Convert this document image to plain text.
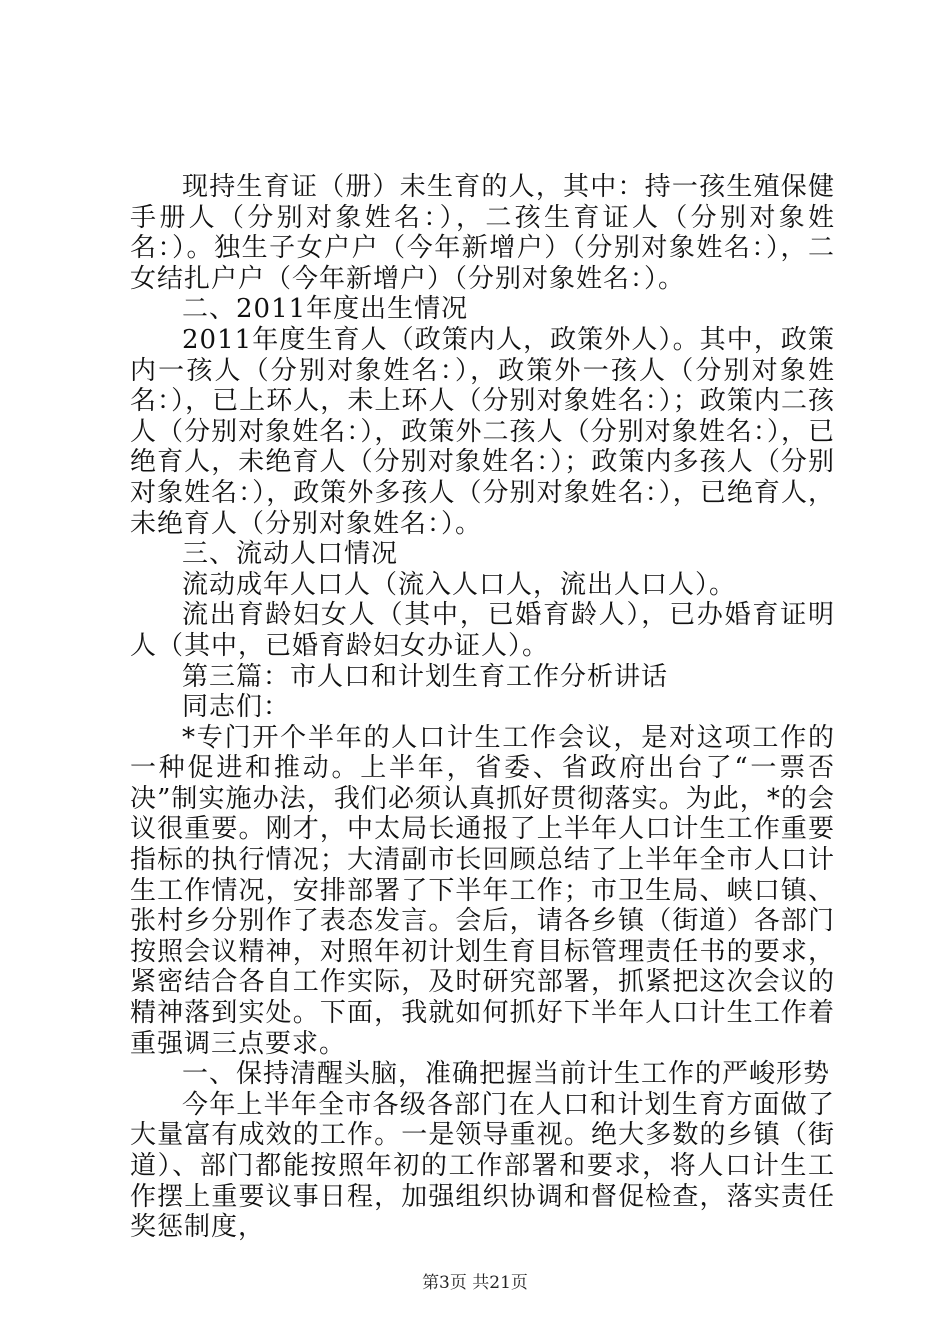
现持生育证（册）未生育的人，其中：持一孩生殖保健手册人（分别对象姓名：），二孩生育证人（分别对象姓名：）。独生子女户户（今年新增户）（分别对象姓名：），二女结扎户户（今年新增户）（分别对象姓名：）。

二、2011年度出生情况

2011年度生育人（政策内人，政策外人）。其中，政策内一孩人（分别对象姓名：），政策外一孩人（分别对象姓名：），已上环人，未上环人（分别对象姓名：）；政策内二孩人（分别对象姓名：），政策外二孩人（分别对象姓名：），已绝育人，未绝育人（分别对象姓名：）；政策内多孩人（分别对象姓名：），政策外多孩人（分别对象姓名：），已绝育人，未绝育人（分别对象姓名：）。

三、流动人口情况

流动成年人口人（流入人口人，流出人口人）。

流出育龄妇女人（其中，已婚育龄人），已办婚育证明人（其中，已婚育龄妇女办证人）。

第三篇：市人口和计划生育工作分析讲话

同志们：

*专门开个半年的人口计生工作会议，是对这项工作的一种促进和推动。上半年，省委、省政府出台了“一票否决”制实施办法，我们必须认真抓好贯彻落实。为此，*的会议很重要。刚才，中太局长通报了上半年人口计生工作重要指标的执行情况；大清副市长回顾总结了上半年全市人口计生工作情况，安排部署了下半年工作；市卫生局、峡口镇、张村乡分别作了表态发言。会后，请各乡镇（街道）各部门按照会议精神，对照年初计划生育目标管理责任书的要求，紧密结合各自工作实际，及时研究部署，抓紧把这次会议的精神落到实处。下面，我就如何抓好下半年人口计生工作着重强调三点要求。

一、保持清醒头脑，准确把握当前计生工作的严峻形势

今年上半年全市各级各部门在人口和计划生育方面做了大量富有成效的工作。一是领导重视。绝大多数的乡镇（街道）、部门都能按照年初的工作部署和要求，将人口计生工作摆上重要议事日程，加强组织协调和督促检查，落实责任奖惩制度，

第3页 共21页
